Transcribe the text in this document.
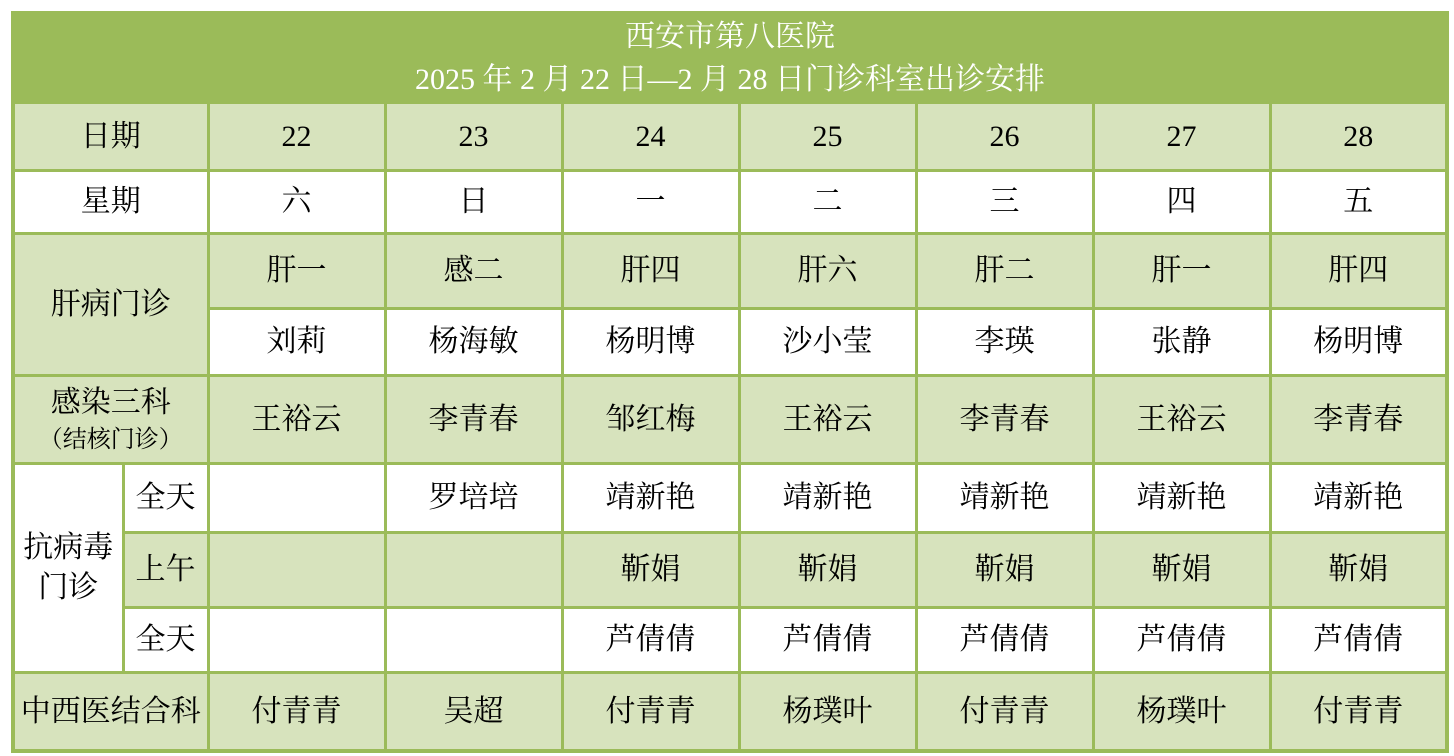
西安市第八医院
2025 年 2 月 22 日—2 月 28 日门诊科室出诊安排								

日期		22	23	24	25	26	27	28
星期		六	日	一	二	三	四	五
肝病门诊		肝一	感二	肝四	肝六	肝二	肝一	肝四
		刘莉	杨海敏	杨明博	沙小莹	李瑛	张静	杨明博

感染三科
（结核门诊）		王裕云	李青春	邹红梅	王裕云	李青春	王裕云	李青春

抗病毒
门诊	全天		罗培培	靖新艳	靖新艳	靖新艳	靖新艳	靖新艳
	上午			靳娟	靳娟	靳娟	靳娟	靳娟
	全天			芦倩倩	芦倩倩	芦倩倩	芦倩倩	芦倩倩
中西医结合科		付青青	吴超	付青青	杨璞叶	付青青	杨璞叶	付青青
